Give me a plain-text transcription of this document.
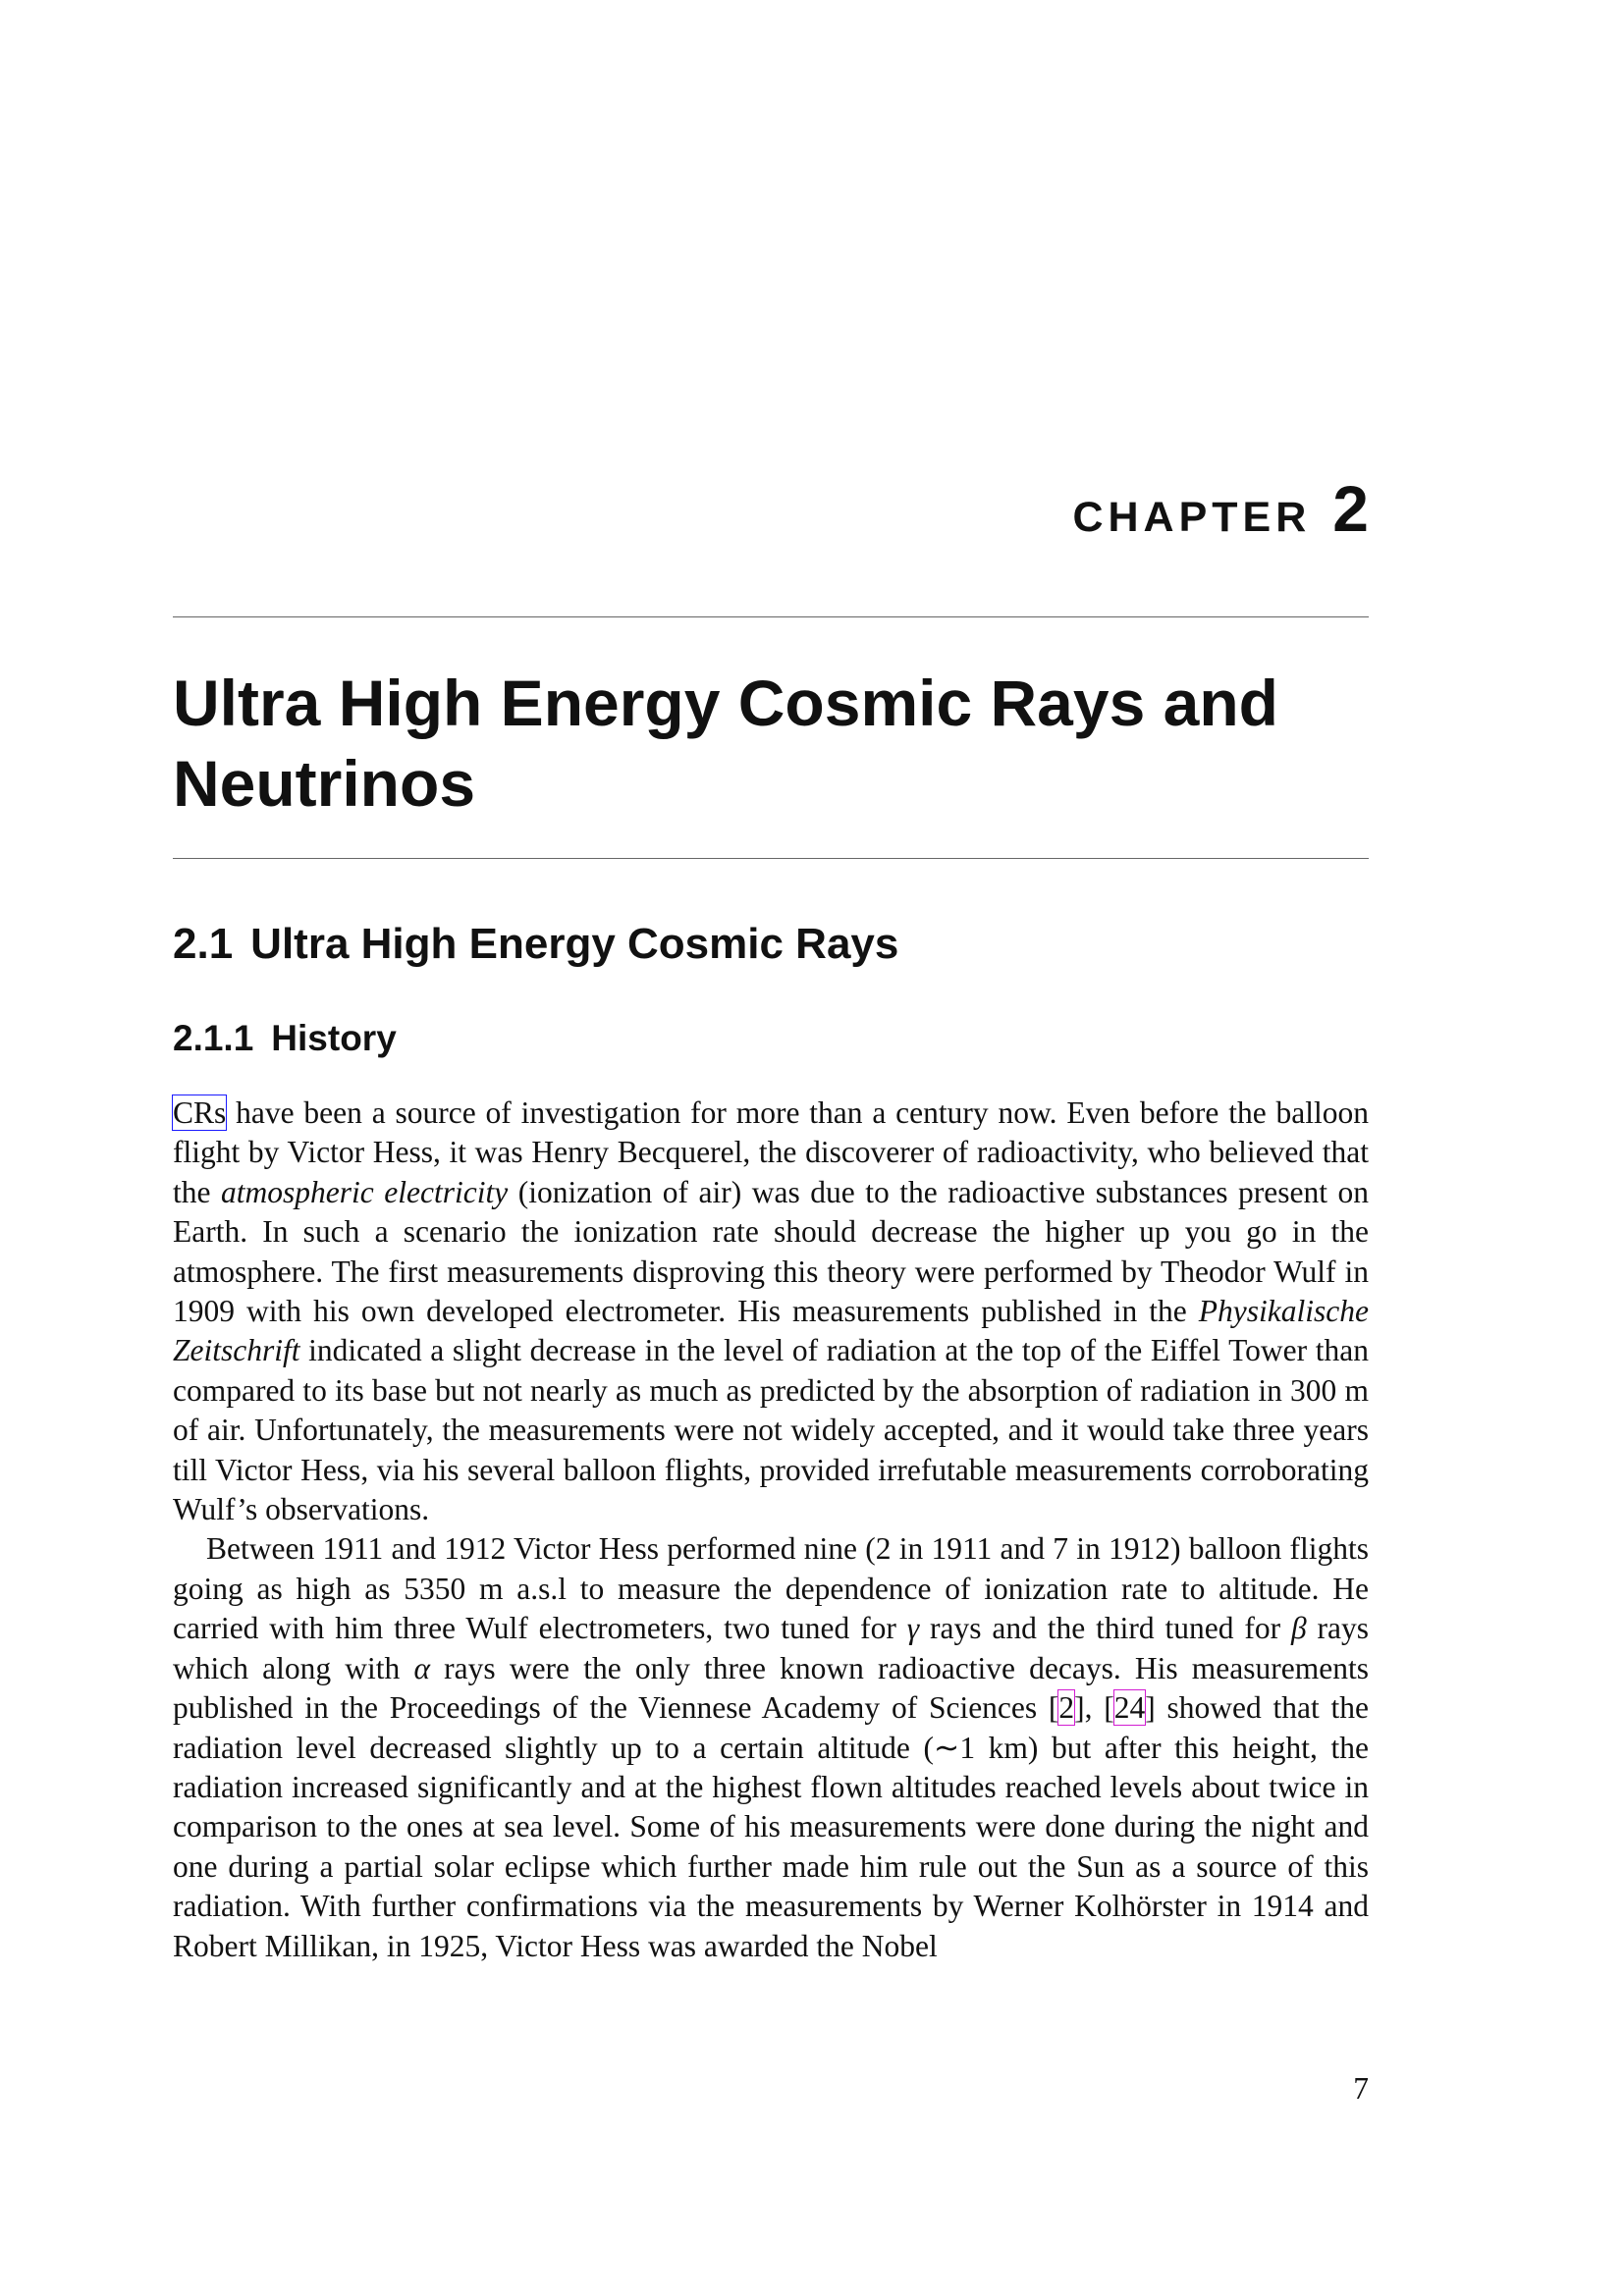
CHAPTER 2
Ultra High Energy Cosmic Rays and Neutrinos
2.1 Ultra High Energy Cosmic Rays
2.1.1 History

CRs have been a source of investigation for more than a century now. Even before the balloon flight by Victor Hess, it was Henry Becquerel, the discoverer of radioactivity, who believed that the atmospheric electricity (ionization of air) was due to the radioactive substances present on Earth. In such a scenario the ionization rate should decrease the higher up you go in the atmosphere. The first measurements disproving this theory were performed by Theodor Wulf in 1909 with his own developed electrometer. His measurements published in the Physikalische Zeitschrift indicated a slight decrease in the level of radiation at the top of the Eiffel Tower than compared to its base but not nearly as much as predicted by the absorption of radiation in 300 m of air. Unfortunately, the measurements were not widely accepted, and it would take three years till Victor Hess, via his several balloon flights, provided irrefutable measurements corroborating Wulf’s observations.

Between 1911 and 1912 Victor Hess performed nine (2 in 1911 and 7 in 1912) balloon flights going as high as 5350 m a.s.l to measure the dependence of ionization rate to altitude. He carried with him three Wulf electrometers, two tuned for γ rays and the third tuned for β rays which along with α rays were the only three known radioactive decays. His measurements published in the Proceedings of the Viennese Academy of Sciences [2], [24] showed that the radiation level decreased slightly up to a certain altitude (∼1 km) but after this height, the radiation increased significantly and at the highest flown altitudes reached levels about twice in comparison to the ones at sea level. Some of his measurements were done during the night and one during a partial solar eclipse which further made him rule out the Sun as a source of this radiation. With further confirmations via the measurements by Werner Kolhörster in 1914 and Robert Millikan, in 1925, Victor Hess was awarded the Nobel

7
